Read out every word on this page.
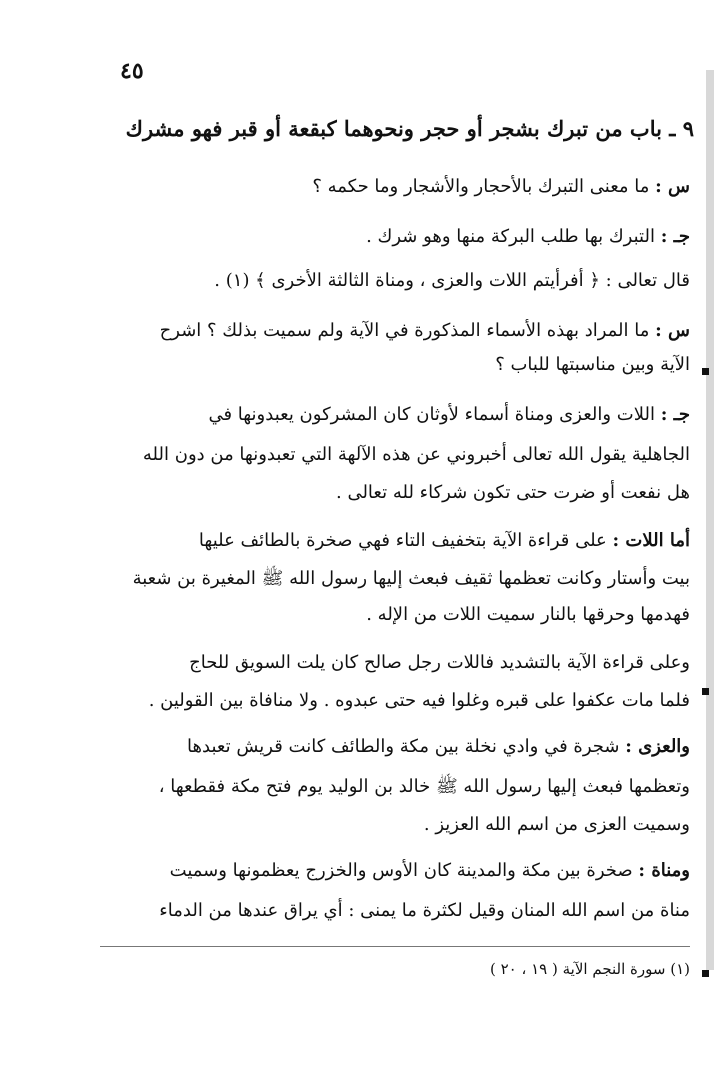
٤٥
٩ ـ باب من تبرك بشجر أو حجر ونحوهما كبقعة أو قبر فهو مشرك
س : ما معنى التبرك بالأحجار والأشجار وما حكمه ؟
جـ : التبرك بها طلب البركة منها وهو شرك .
قال تعالى : ﴿ أفرأيتم اللات والعزى ، ومناة الثالثة الأخرى ﴾ (١) .
س : ما المراد بهذه الأسماء المذكورة في الآية ولم سميت بذلك ؟ اشرح
الآية وبين مناسبتها للباب ؟
جـ : اللات والعزى ومناة أسماء لأوثان كان المشركون يعبدونها في
الجاهلية يقول الله تعالى أخبروني عن هذه الآلهة التي تعبدونها من دون الله
هل نفعت أو ضرت حتى تكون شركاء لله تعالى .
أما اللات : على قراءة الآية بتخفيف التاء فهي صخرة بالطائف عليها
بيت وأستار وكانت تعظمها ثقيف فبعث إليها رسول الله ﷺ المغيرة بن شعبة
فهدمها وحرقها بالنار سميت اللات من الإله .
وعلى قراءة الآية بالتشديد فاللات رجل صالح كان يلت السويق للحاج
فلما مات عكفوا على قبره وغلوا فيه حتى عبدوه . ولا منافاة بين القولين .
والعزى : شجرة في وادي نخلة بين مكة والطائف كانت قريش تعبدها
وتعظمها فبعث إليها رسول الله ﷺ خالد بن الوليد يوم فتح مكة فقطعها ،
وسميت العزى من اسم الله العزيز .
ومناة : صخرة بين مكة والمدينة كان الأوس والخزرج يعظمونها وسميت
مناة من اسم الله المنان وقيل لكثرة ما يمنى : أي يراق عندها من الدماء
(١) سورة النجم الآية ( ١٩ ، ٢٠ )
